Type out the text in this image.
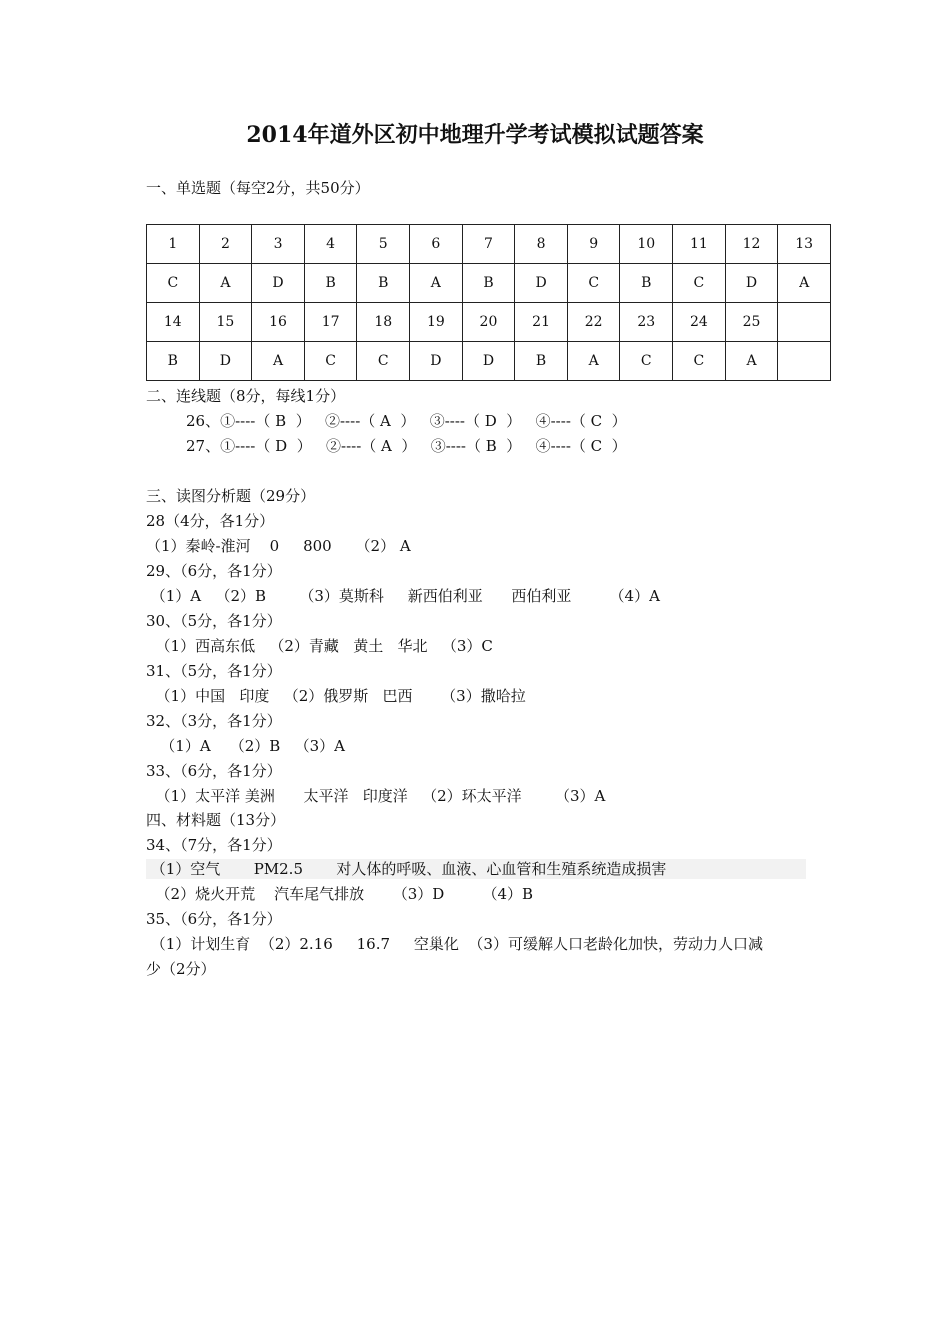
2014年道外区初中地理升学考试模拟试题答案
一、单选题（每空2分，共50分）
1	2	3	4	5	6	7	8	9	10	11	12	13
C	A	D	B	B	A	B	D	C	B	C	D	A
14	15	16	17	18	19	20	21	22	23	24	25	
B	D	A	C	C	D	D	B	A	C	C	A	
二、连线题（8分，每线1分）
26、①----（ B  ）   ②----（ A  ）   ③----（ D  ）   ④----（ C  ）
27、①----（ D  ）   ②----（ A  ）   ③----（ B  ）   ④----（ C  ）
三、读图分析题（29分）
28（4分，各1分）
（1）秦岭-淮河    0     800     （2） A
29、（6分，各1分）
（1）A   （2）B       （3）莫斯科     新西伯利亚      西伯利亚        （4）A
30、（5分，各1分）
（1）西高东低   （2）青藏   黄土   华北   （3）C
31、（5分，各1分）
（1）中国   印度   （2）俄罗斯   巴西      （3）撒哈拉
32、（3分，各1分）
（1）A    （2）B   （3）A
33、（6分，各1分）
（1）太平洋 美洲      太平洋   印度洋   （2）环太平洋       （3）A
四、材料题（13分）
34、（7分，各1分）
（1）空气       PM2.5       对人体的呼吸、血液、心血管和生殖系统造成损害
（2）烧火开荒    汽车尾气排放      （3）D        （4）B
35、（6分，各1分）
（1）计划生育  （2）2.16     16.7     空巢化  （3）可缓解人口老龄化加快，劳动力人口减
少（2分）
